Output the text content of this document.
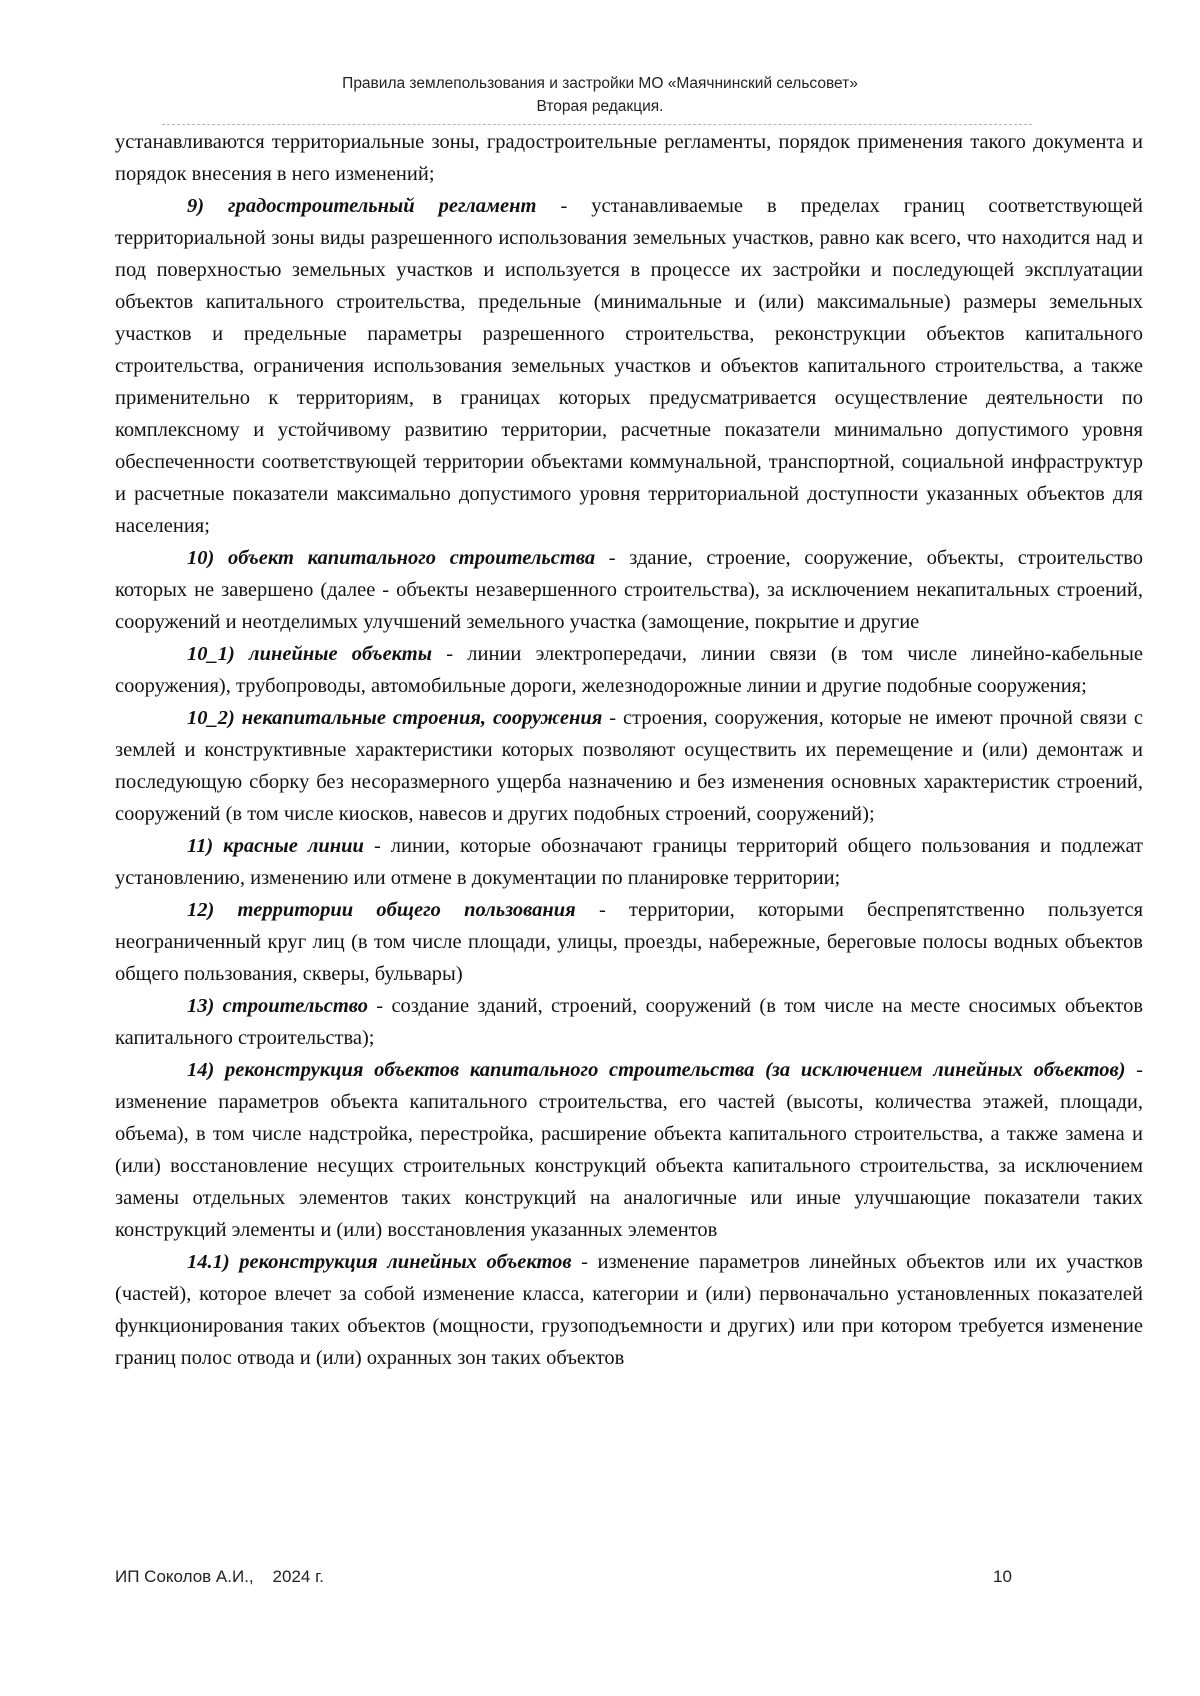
Правила землепользования и застройки МО «Маячнинский сельсовет»
Вторая редакция.

устанавливаются территориальные зоны, градостроительные регламенты, порядок применения такого документа и порядок внесения в него изменений;

9) градостроительный регламент - устанавливаемые в пределах границ соответствующей территориальной зоны виды разрешенного использования земельных участков, равно как всего, что находится над и под поверхностью земельных участков и используется в процессе их застройки и последующей эксплуатации объектов капитального строительства, предельные (минимальные и (или) максимальные) размеры земельных участков и предельные параметры разрешенного строительства, реконструкции объектов капитального строительства, ограничения использования земельных участков и объектов капитального строительства, а также применительно к территориям, в границах которых предусматривается осуществление деятельности по комплексному и устойчивому развитию территории, расчетные показатели минимально допустимого уровня обеспеченности соответствующей территории объектами коммунальной, транспортной, социальной инфраструктур и расчетные показатели максимально допустимого уровня территориальной доступности указанных объектов для населения;

10) объект капитального строительства - здание, строение, сооружение, объекты, строительство которых не завершено (далее - объекты незавершенного строительства), за исключением некапитальных строений, сооружений и неотделимых улучшений земельного участка (замощение, покрытие и другие

10_1) линейные объекты - линии электропередачи, линии связи (в том числе линейно-кабельные сооружения), трубопроводы, автомобильные дороги, железнодорожные линии и другие подобные сооружения;

10_2) некапитальные строения, сооружения - строения, сооружения, которые не имеют прочной связи с землей и конструктивные характеристики которых позволяют осуществить их перемещение и (или) демонтаж и последующую сборку без несоразмерного ущерба назначению и без изменения основных характеристик строений, сооружений (в том числе киосков, навесов и других подобных строений, сооружений);

11) красные линии - линии, которые обозначают границы территорий общего пользования и подлежат установлению, изменению или отмене в документации по планировке территории;

12) территории общего пользования - территории, которыми беспрепятственно пользуется неограниченный круг лиц (в том числе площади, улицы, проезды, набережные, береговые полосы водных объектов общего пользования, скверы, бульвары)

13) строительство - создание зданий, строений, сооружений (в том числе на месте сносимых объектов капитального строительства);

14) реконструкция объектов капитального строительства (за исключением линейных объектов) - изменение параметров объекта капитального строительства, его частей (высоты, количества этажей, площади, объема), в том числе надстройка, перестройка, расширение объекта капитального строительства, а также замена и (или) восстановление несущих строительных конструкций объекта капитального строительства, за исключением замены отдельных элементов таких конструкций на аналогичные или иные улучшающие показатели таких конструкций элементы и (или) восстановления указанных элементов

14.1) реконструкция линейных объектов - изменение параметров линейных объектов или их участков (частей), которое влечет за собой изменение класса, категории и (или) первоначально установленных показателей функционирования таких объектов (мощности, грузоподъемности и других) или при котором требуется изменение границ полос отвода и (или) охранных зон таких объектов

ИП Соколов А.И.,    2024 г.	10
